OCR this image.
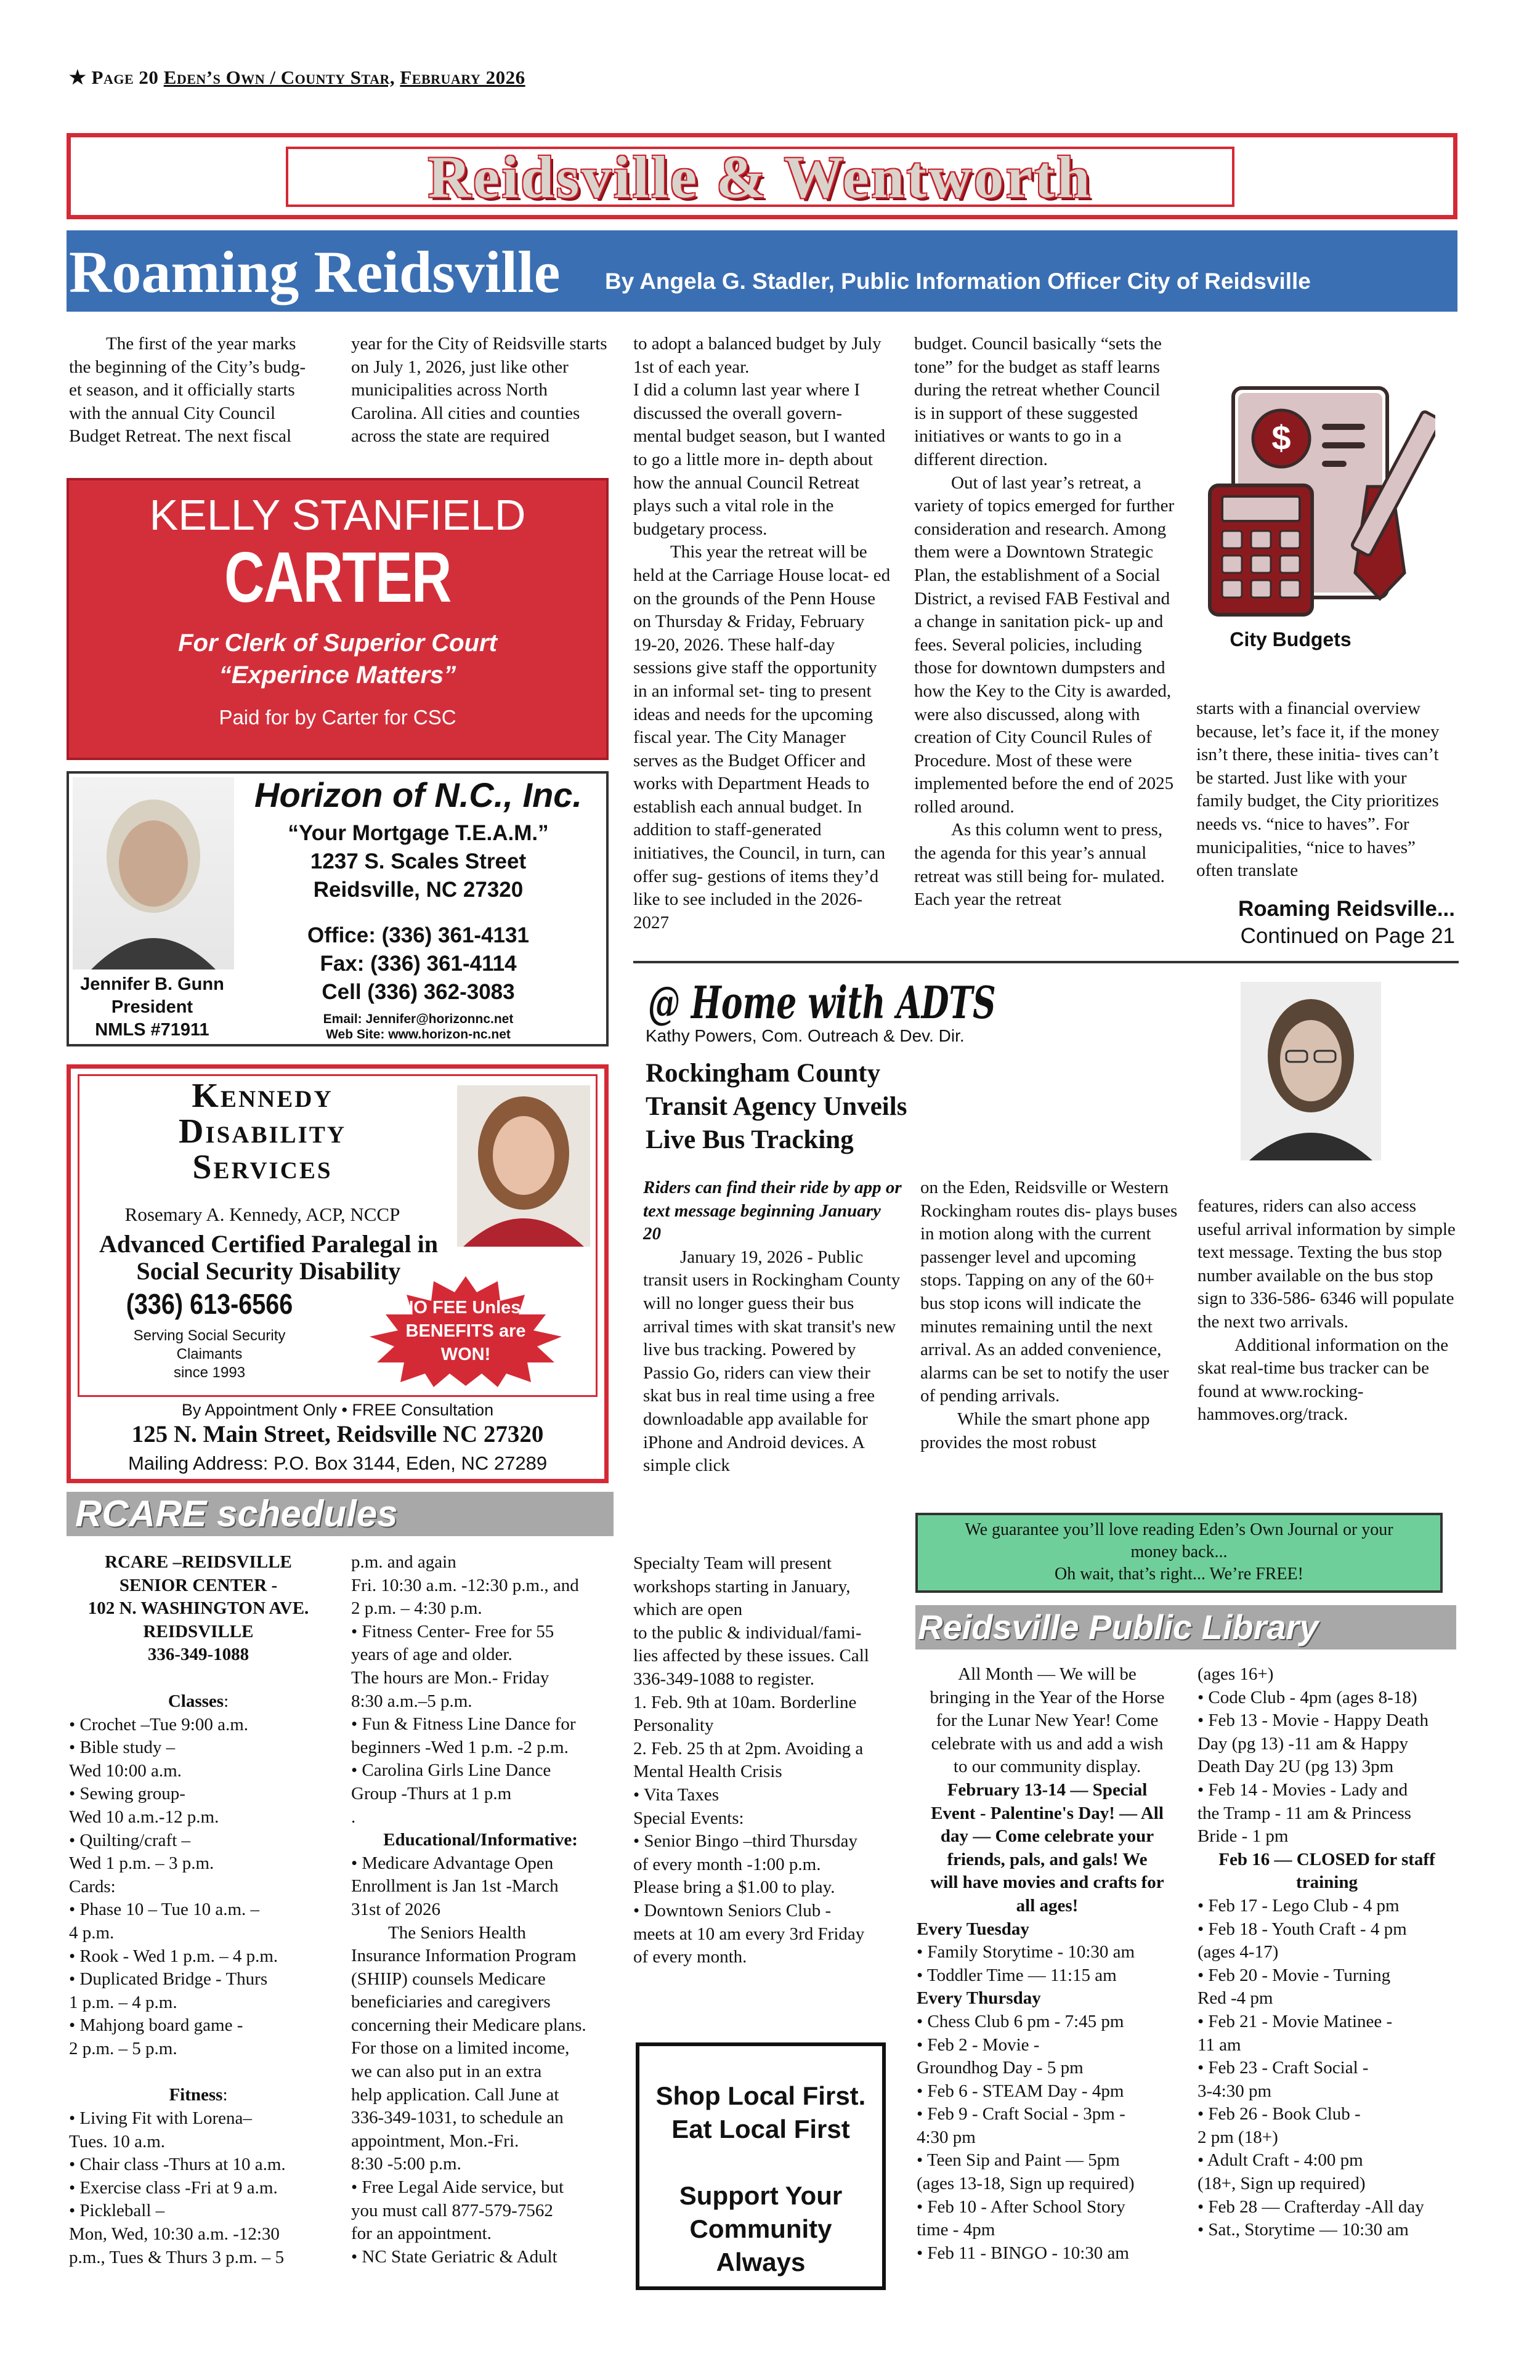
★ Page 20 Eden’s Own / County Star, February 2026
Reidsville & Wentworth
Roaming Reidsville By Angela G. Stadler, Public Information Officer City of Reidsville

The first of the year marks the beginning of the City’s budg- et season, and it officially starts with the annual City Council Budget Retreat. The next fiscal

year for the City of Reidsville starts on July 1, 2026, just like other municipalities across North Carolina. All cities and counties across the state are required

to adopt a balanced budget by July 1st of each year.

I did a column last year where I discussed the overall govern- mental budget season, but I wanted to go a little more in- depth about how the annual Council Retreat plays such a vital role in the budgetary process.

This year the retreat will be held at the Carriage House locat- ed on the grounds of the Penn House on Thursday & Friday, February 19-20, 2026. These half-day sessions give staff the opportunity in an informal set- ting to present ideas and needs for the upcoming fiscal year. The City Manager serves as the Budget Officer and works with Department Heads to establish each annual budget. In addition to staff-generated initiatives, the Council, in turn, can offer sug- gestions of items they’d like to see included in the 2026-2027

budget. Council basically “sets the tone” for the budget as staff learns during the retreat whether Council is in support of these suggested initiatives or wants to go in a different direction.

Out of last year’s retreat, a variety of topics emerged for further consideration and research. Among them were a Downtown Strategic Plan, the establishment of a Social District, a revised FAB Festival and a change in sanitation pick- up and fees. Several policies, including those for downtown dumpsters and how the Key to the City is awarded, were also discussed, along with creation of City Council Rules of Procedure. Most of these were implemented before the end of 2025 rolled around.

As this column went to press, the agenda for this year’s annual retreat was still being for- mulated. Each year the retreat

$
City Budgets

starts with a financial overview because, let’s face it, if the money isn’t there, these initia- tives can’t be started. Just like with your family budget, the City prioritizes needs vs. “nice to haves”. For municipalities, “nice to haves” often translate

Roaming Reidsville...
Continued on Page 21
KELLY STANFIELD
CARTER
For Clerk of Superior Court
“Experince Matters”
Paid for by Carter for CSC
Horizon of N.C., Inc.
“Your Mortgage T.E.A.M.”
1237 S. Scales Street
Reidsville, NC 27320
Office: (336) 361-4131
Fax: (336) 361-4114
Cell (336) 362-3083
Email: Jennifer@horizonnc.net
Web Site: www.horizon-nc.net
Jennifer B. Gunn
President
NMLS #71911
Kennedy
Disability
Services
Rosemary A. Kennedy, ACP, NCCP
Advanced Certified Paralegal in
Social Security Disability
(336) 613-6566
Serving Social Security
Claimants
since 1993
NO FEE Unless
BENEFITS are
WON!
By Appointment Only • FREE Consultation
125 N. Main Street, Reidsville NC 27320
Mailing Address: P.O. Box 3144, Eden, NC 27289
@ Home with ADTS
Kathy Powers, Com. Outreach & Dev. Dir.
Rockingham County
Transit Agency Unveils
Live Bus Tracking

Riders can find their ride by app or text message beginning January 20

January 19, 2026 - Public transit users in Rockingham County will no longer guess their bus arrival times with skat transit's new live bus tracking. Powered by Passio Go, riders can view their skat bus in real time using a free downloadable app available for iPhone and Android devices. A simple click

on the Eden, Reidsville or Western Rockingham routes dis- plays buses in motion along with the current passenger level and upcoming stops. Tapping on any of the 60+ bus stop icons will indicate the minutes remaining until the next arrival. As an added convenience, alarms can be set to notify the user of pending arrivals.

While the smart phone app provides the most robust

features, riders can also access useful arrival information by simple text message. Texting the bus stop number available on the bus stop sign to 336-586- 6346 will populate the next two arrivals.

Additional information on the skat real-time bus tracker can be found at www.rocking- hammoves.org/track.

RCARE schedules
RCARE –REIDSVILLE
SENIOR CENTER -
102 N. WASHINGTON AVE.
REIDSVILLE
336-349-1088
Classes:
• Crochet –Tue 9:00 a.m.
• Bible study –
Wed 10:00 a.m.
• Sewing group-
Wed 10 a.m.-12 p.m.
• Quilting/craft –
Wed 1 p.m. – 3 p.m.
Cards:
• Phase 10 – Tue 10 a.m. –
4 p.m.
• Rook - Wed 1 p.m. – 4 p.m.
• Duplicated Bridge - Thurs
1 p.m. – 4 p.m.
• Mahjong board game -
2 p.m. – 5 p.m.
Fitness:
• Living Fit with Lorena–
Tues. 10 a.m.
• Chair class -Thurs at 10 a.m.
• Exercise class -Fri at 9 a.m.
• Pickleball –
Mon, Wed, 10:30 a.m. -12:30
p.m., Tues & Thurs 3 p.m. – 5
p.m. and again
Fri. 10:30 a.m. -12:30 p.m., and
2 p.m. – 4:30 p.m.
• Fitness Center- Free for 55
years of age and older.
The hours are Mon.- Friday
8:30 a.m.–5 p.m.
• Fun & Fitness Line Dance for
beginners -Wed 1 p.m. -2 p.m.
• Carolina Girls Line Dance
Group -Thurs at 1 p.m
.
Educational/Informative:
• Medicare Advantage Open
Enrollment is Jan 1st -March
31st of 2026
The Seniors Health
Insurance Information Program
(SHIIP) counsels Medicare
beneficiaries and caregivers
concerning their Medicare plans.
For those on a limited income,
we can also put in an extra
help application. Call June at
336-349-1031, to schedule an
appointment, Mon.-Fri.
8:30 -5:00 p.m.
• Free Legal Aide service, but
you must call 877-579-7562
for an appointment.
• NC State Geriatric & Adult
Specialty Team will present
workshops starting in January,
which are open
to the public & individual/fami-
lies affected by these issues. Call
336-349-1088 to register.
1. Feb. 9th at 10am. Borderline
Personality
2. Feb. 25 th at 2pm. Avoiding a
Mental Health Crisis
• Vita Taxes
Special Events:
• Senior Bingo –third Thursday
of every month -1:00 p.m.
Please bring a $1.00 to play.
• Downtown Seniors Club -
meets at 10 am every 3rd Friday
of every month.
Shop Local First.
Eat Local First
Support Your
Community
Always
We guarantee you’ll love reading Eden’s Own Journal or your
money back...
Oh wait, that’s right... We’re FREE!
Reidsville Public Library
All Month — We will be
bringing in the Year of the Horse
for the Lunar New Year! Come
celebrate with us and add a wish
to our community display.
February 13-14 — Special
Event - Palentine's Day! — All
day — Come celebrate your
friends, pals, and gals! We
will have movies and crafts for
all ages!
Every Tuesday
• Family Storytime - 10:30 am
• Toddler Time — 11:15 am
Every Thursday
• Chess Club 6 pm - 7:45 pm
• Feb 2 - Movie -
Groundhog Day - 5 pm
• Feb 6 - STEAM Day - 4pm
• Feb 9 - Craft Social - 3pm -
4:30 pm
• Teen Sip and Paint — 5pm
(ages 13-18, Sign up required)
• Feb 10 - After School Story
time - 4pm
• Feb 11 - BINGO - 10:30 am
(ages 16+)
• Code Club - 4pm (ages 8-18)
• Feb 13 - Movie - Happy Death
Day (pg 13) -11 am & Happy
Death Day 2U (pg 13) 3pm
• Feb 14 - Movies - Lady and
the Tramp - 11 am & Princess
Bride - 1 pm
Feb 16 — CLOSED for staff
training
• Feb 17 - Lego Club - 4 pm
• Feb 18 - Youth Craft - 4 pm
(ages 4-17)
• Feb 20 - Movie - Turning
Red -4 pm
• Feb 21 - Movie Matinee -
11 am
• Feb 23 - Craft Social -
3-4:30 pm
• Feb 26 - Book Club -
2 pm (18+)
• Adult Craft - 4:00 pm
(18+, Sign up required)
• Feb 28 — Crafterday -All day
• Sat., Storytime — 10:30 am
